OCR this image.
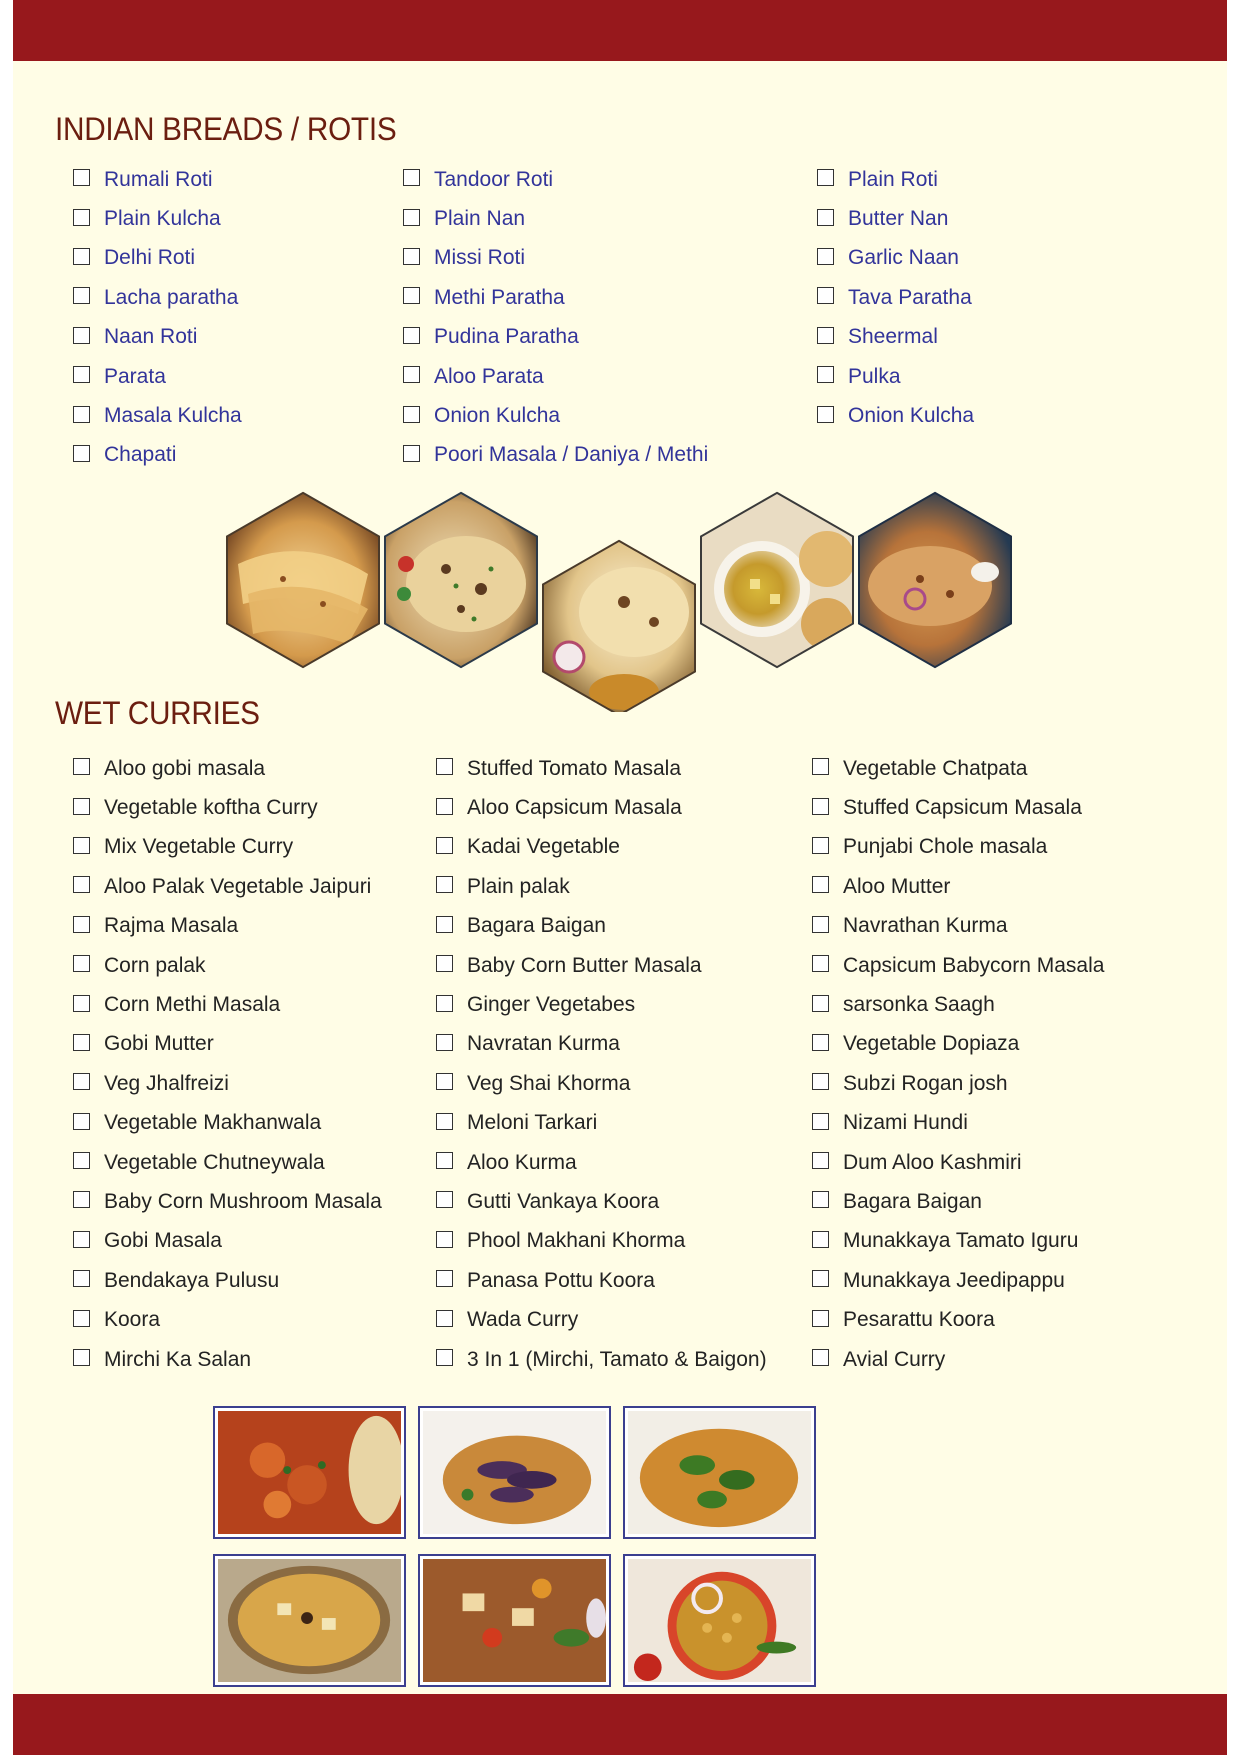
INDIAN BREADS / ROTIS
Rumali Roti
Plain Kulcha
Delhi Roti
Lacha paratha
Naan Roti
Parata
Masala Kulcha
Chapati
Tandoor Roti
Plain Nan
Missi Roti
Methi Paratha
Pudina Paratha
Aloo Parata
Onion Kulcha
Poori Masala / Daniya / Methi
Plain Roti
Butter Nan
Garlic Naan
Tava Paratha
Sheermal
Pulka
Onion Kulcha
WET CURRIES
Aloo gobi masala
Vegetable koftha Curry
Mix Vegetable Curry
Aloo Palak Vegetable Jaipuri
Rajma Masala
Corn palak
Corn Methi Masala
Gobi Mutter
Veg Jhalfreizi
Vegetable Makhanwala
Vegetable Chutneywala
Baby Corn Mushroom Masala
Gobi Masala
Bendakaya Pulusu
Koora
Mirchi Ka Salan
Stuffed Tomato Masala
Aloo Capsicum Masala
Kadai Vegetable
Plain palak
Bagara Baigan
Baby Corn Butter Masala
Ginger Vegetabes
Navratan Kurma
Veg Shai Khorma
Meloni Tarkari
Aloo Kurma
Gutti Vankaya Koora
Phool Makhani Khorma
Panasa Pottu Koora
Wada Curry
3 In 1 (Mirchi, Tamato & Baigon)
Vegetable Chatpata
Stuffed Capsicum Masala
Punjabi Chole masala
Aloo Mutter
Navrathan Kurma
Capsicum Babycorn Masala
sarsonka Saagh
Vegetable Dopiaza
Subzi Rogan josh
Nizami Hundi
Dum Aloo Kashmiri
Bagara Baigan
Munakkaya Tamato Iguru
Munakkaya Jeedipappu
Pesarattu Koora
Avial Curry
